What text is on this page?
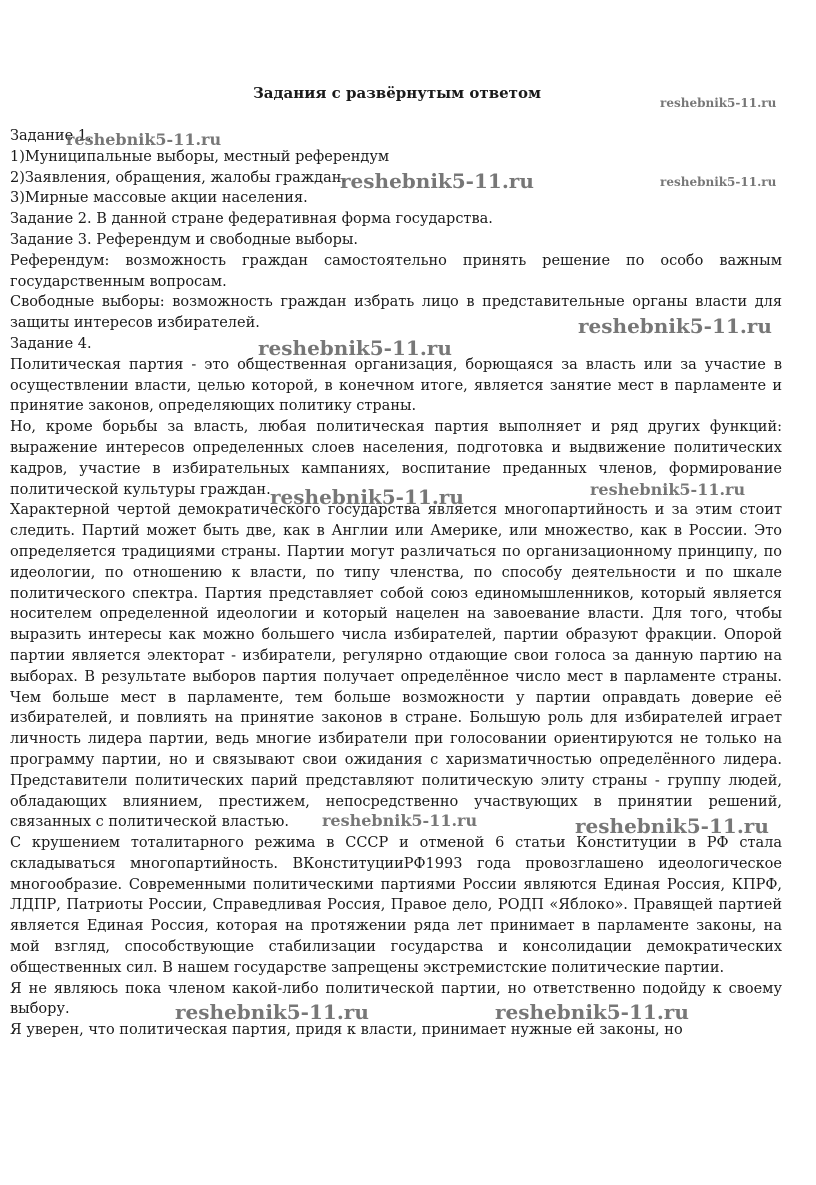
Задания с развёрнутым ответом

Задание 1.

1)Муниципальные выборы, местный референдум

2)Заявления, обращения, жалобы граждан.

3)Мирные массовые акции населения.

Задание 2. В данной стране федеративная форма государства.

Задание 3. Референдум и свободные выборы.

Референдум: возможность граждан самостоятельно принять решение по особо важным государственным вопросам.

Свободные выборы: возможность граждан избрать лицо в представительные органы власти для защиты интересов избирателей.

Задание 4.

Политическая партия - это общественная организация, борющаяся за власть или за участие в осуществлении власти, целью которой, в конечном итоге, является занятие мест в парламенте и принятие законов, определяющих политику страны.

Но, кроме борьбы за власть, любая политическая партия выполняет и ряд других функций: выражение интересов определенных слоев населения, подготовка и выдвижение политических кадров, участие в избирательных кампаниях, воспитание преданных членов, формирование политической культуры граждан.

Характерной чертой демократического государства является многопартийность и за этим стоит следить. Партий может быть две, как в Англии или Америке, или множество, как в России. Это определяется традициями страны. Партии могут различаться по организационному принципу, по идеологии, по отношению к власти, по типу членства, по способу деятельности и по шкале политического спектра. Партия представляет собой союз единомышленников, который является носителем определенной идеологии и который нацелен на завоевание власти. Для того, чтобы выразить интересы как можно большего числа избирателей, партии образуют фракции. Опорой партии является электорат - избиратели, регулярно отдающие свои голоса за данную партию на выборах. В результате выборов партия получает определённое число мест в парламенте страны. Чем больше мест в парламенте, тем больше возможности у партии оправдать доверие её избирателей, и повлиять на принятие законов в стране. Большую роль для избирателей играет личность лидера партии, ведь многие избиратели при голосовании ориентируются не только на программу партии, но и связывают свои ожидания с харизматичностью определённого лидера. Представители политических парий представляют политическую элиту страны - группу людей, обладающих влиянием, престижем, непосредственно участвующих в принятии решений, связанных с политической властью.

С крушением тоталитарного режима в СССР и отменой 6 статьи Конституции в РФ стала складываться многопартийность. ВКонституцииРФ1993 года провозглашено идеологическое многообразие. Современными политическими партиями России являются Единая Россия, КПРФ, ЛДПР, Патриоты России, Справедливая Россия, Правое дело, РОДП «Яблоко». Правящей партией является Единая Россия, которая на протяжении ряда лет принимает в парламенте законы, на мой взгляд, способствующие стабилизации государства и консолидации демократических общественных сил. В нашем государстве запрещены экстремистские политические партии.

Я не являюсь пока членом какой-либо политической партии, но ответственно подойду к своему выбору.

Я уверен, что политическая партия, придя к власти, принимает нужные ей законы, но

reshebnik5-11.ru
reshebnik5-11.ru
reshebnik5-11.ru	reshebnik5-11.ru
reshebnik5-11.ru
reshebnik5-11.ru
reshebnik5-11.ru	reshebnik5-11.ru
reshebnik5-11.ru	reshebnik5-11.ru
reshebnik5-11.ru	reshebnik5-11.ru
